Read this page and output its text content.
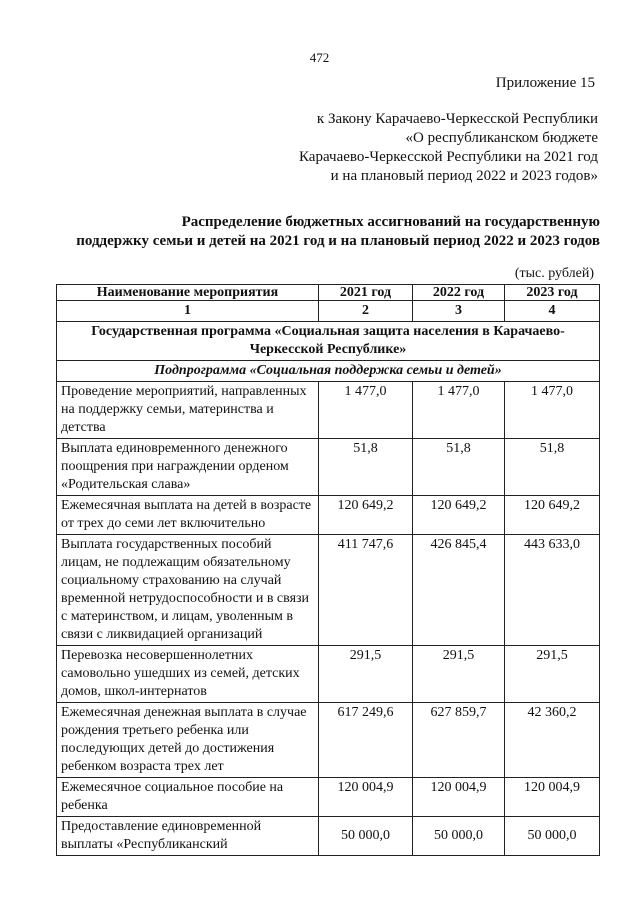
472
Приложение 15
к Закону Карачаево-Черкесской Республики
«О республиканском бюджете
Карачаево-Черкесской Республики на 2021 год
и на плановый период 2022 и 2023 годов»
Распределение бюджетных ассигнований на государственную
поддержку семьи и детей на 2021 год и на плановый период 2022 и 2023 годов
(тыс. рублей)
Наименование мероприятия	2021 год	2022 год	2023 год
1	2	3	4
Государственная программа «Социальная защита населения в Карачаево-Черкесской Республике»			
Подпрограмма «Социальная поддержка семьи и детей»			
Проведение мероприятий, направленных на поддержку семьи, материнства и детства	1 477,0	1 477,0	1 477,0
Выплата единовременного денежного поощрения при награждении орденом «Родительская слава»	51,8	51,8	51,8
Ежемесячная выплата на детей в возрасте от трех до семи лет включительно	120 649,2	120 649,2	120 649,2
Выплата государственных пособий лицам, не подлежащим обязательному социальному страхованию на случай временной нетрудоспособности и в связи с материнством, и лицам, уволенным в связи с ликвидацией организаций	411 747,6	426 845,4	443 633,0
Перевозка несовершеннолетних самовольно ушедших из семей, детских домов, школ-интернатов	291,5	291,5	291,5
Ежемесячная денежная выплата в случае рождения третьего ребенка или последующих детей до достижения ребенком возраста трех лет	617 249,6	627 859,7	42 360,2
Ежемесячное социальное пособие на ребенка	120 004,9	120 004,9	120 004,9
Предоставление единовременной выплаты «Республиканский	50 000,0	50 000,0	50 000,0
